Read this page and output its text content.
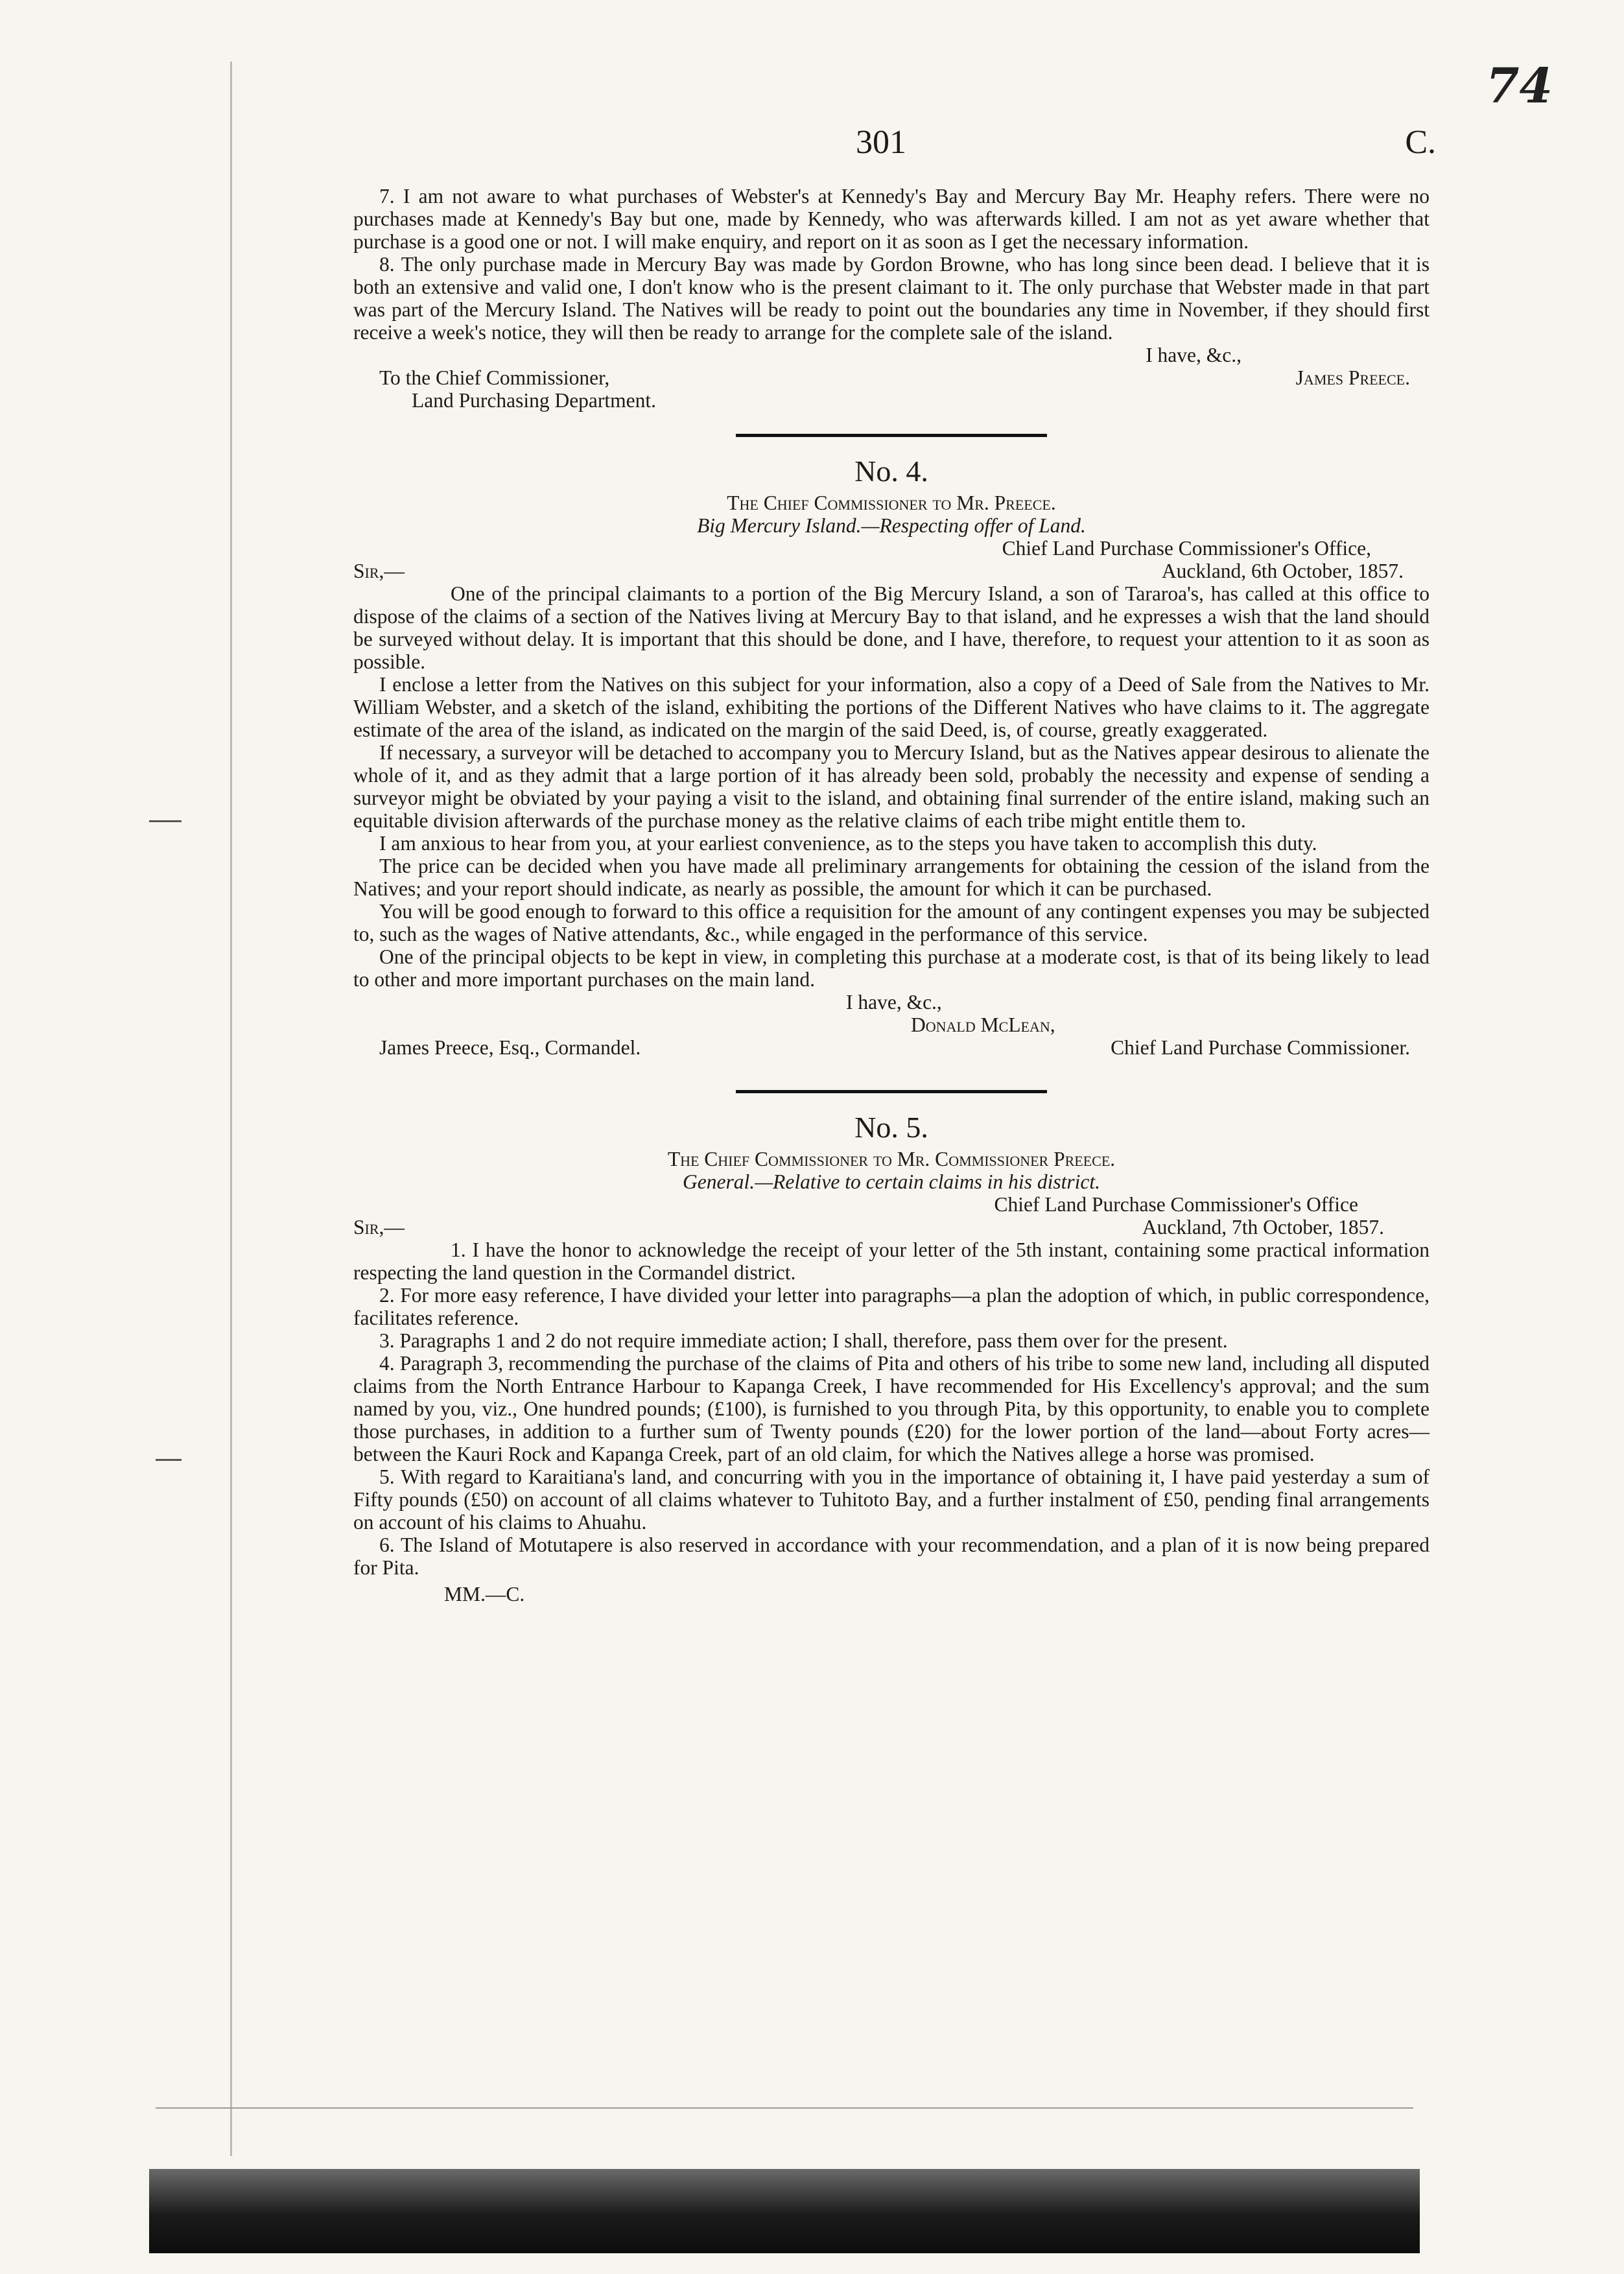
74
301	C.

7. I am not aware to what purchases of Webster's at Kennedy's Bay and Mercury Bay Mr. Heaphy refers. There were no purchases made at Kennedy's Bay but one, made by Kennedy, who was afterwards killed. I am not as yet aware whether that purchase is a good one or not. I will make enquiry, and report on it as soon as I get the necessary information.

8. The only purchase made in Mercury Bay was made by Gordon Browne, who has long since been dead. I believe that it is both an extensive and valid one, I don't know who is the present claimant to it. The only purchase that Webster made in that part was part of the Mercury Island. The Natives will be ready to point out the boundaries any time in November, if they should first receive a week's notice, they will then be ready to arrange for the complete sale of the island.

I have, &c.,

To the Chief Commissioner,	James Preece.

Land Purchasing Department.

No. 4.

The Chief Commissioner to Mr. Preece.

Big Mercury Island.—Respecting offer of Land.

Chief Land Purchase Commissioner's Office,

Sir,—	Auckland, 6th October, 1857.

One of the principal claimants to a portion of the Big Mercury Island, a son of Tararoa's, has called at this office to dispose of the claims of a section of the Natives living at Mercury Bay to that island, and he expresses a wish that the land should be surveyed without delay. It is important that this should be done, and I have, therefore, to request your attention to it as soon as possible.

I enclose a letter from the Natives on this subject for your information, also a copy of a Deed of Sale from the Natives to Mr. William Webster, and a sketch of the island, exhibiting the portions of the Different Natives who have claims to it. The aggregate estimate of the area of the island, as indicated on the margin of the said Deed, is, of course, greatly exaggerated.

If necessary, a surveyor will be detached to accompany you to Mercury Island, but as the Natives appear desirous to alienate the whole of it, and as they admit that a large portion of it has already been sold, probably the necessity and expense of sending a surveyor might be obviated by your paying a visit to the island, and obtaining final surrender of the entire island, making such an equitable division afterwards of the purchase money as the relative claims of each tribe might entitle them to.

I am anxious to hear from you, at your earliest convenience, as to the steps you have taken to accomplish this duty.

The price can be decided when you have made all preliminary arrangements for obtaining the cession of the island from the Natives; and your report should indicate, as nearly as possible, the amount for which it can be purchased.

You will be good enough to forward to this office a requisition for the amount of any contingent expenses you may be subjected to, such as the wages of Native attendants, &c., while engaged in the performance of this service.

One of the principal objects to be kept in view, in completing this purchase at a moderate cost, is that of its being likely to lead to other and more important purchases on the main land.

I have, &c.,

Donald McLean,

James Preece, Esq., Cormandel.	Chief Land Purchase Commissioner.

No. 5.

The Chief Commissioner to Mr. Commissioner Preece.

General.—Relative to certain claims in his district.

Chief Land Purchase Commissioner's Office

Sir,—	Auckland, 7th October, 1857.

1. I have the honor to acknowledge the receipt of your letter of the 5th instant, containing some practical information respecting the land question in the Cormandel district.

2. For more easy reference, I have divided your letter into paragraphs—a plan the adoption of which, in public correspondence, facilitates reference.

3. Paragraphs 1 and 2 do not require immediate action; I shall, therefore, pass them over for the present.

4. Paragraph 3, recommending the purchase of the claims of Pita and others of his tribe to some new land, including all disputed claims from the North Entrance Harbour to Kapanga Creek, I have recommended for His Excellency's approval; and the sum named by you, viz., One hundred pounds; (£100), is furnished to you through Pita, by this opportunity, to enable you to complete those purchases, in addition to a further sum of Twenty pounds (£20) for the lower portion of the land—about Forty acres—between the Kauri Rock and Kapanga Creek, part of an old claim, for which the Natives allege a horse was promised.

5. With regard to Karaitiana's land, and concurring with you in the importance of obtaining it, I have paid yesterday a sum of Fifty pounds (£50) on account of all claims whatever to Tuhitoto Bay, and a further instalment of £50, pending final arrangements on account of his claims to Ahuahu.

6. The Island of Motutapere is also reserved in accordance with your recommendation, and a plan of it is now being prepared for Pita.

MM.—C.
